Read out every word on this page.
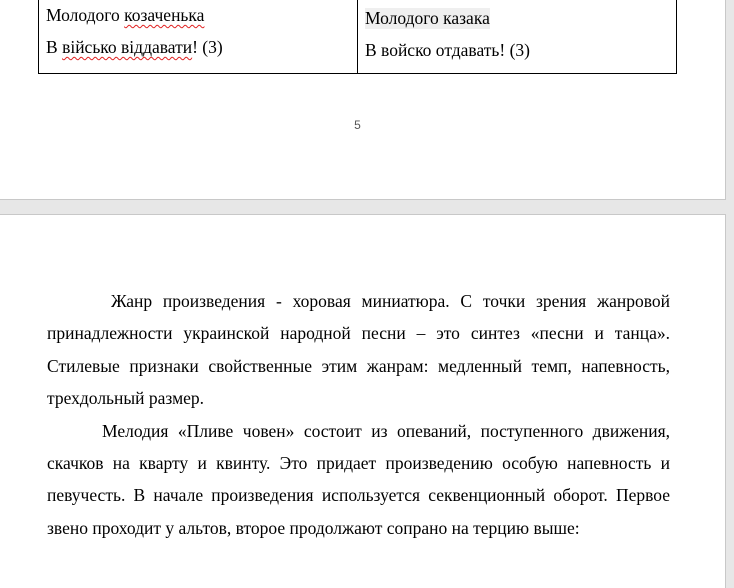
Молодого козаченька
В військо віддавати! (3)

Молодого казака
В войско отдавать! (3)
5

Жанр произведения - хоровая миниатюра. С точки зрения жанровой принадлежности украинской народной песни – это синтез «песни и танца». Стилевые признаки свойственные этим жанрам: медленный темп, напевность, трехдольный размер.

Мелодия «Пливе човен» состоит из опеваний, поступенного движения, скачков на кварту и квинту. Это придает произведению особую напевность и певучесть. В начале произведения используется секвенционный оборот. Первое звено проходит у альтов, второе продолжают сопрано на терцию выше:
